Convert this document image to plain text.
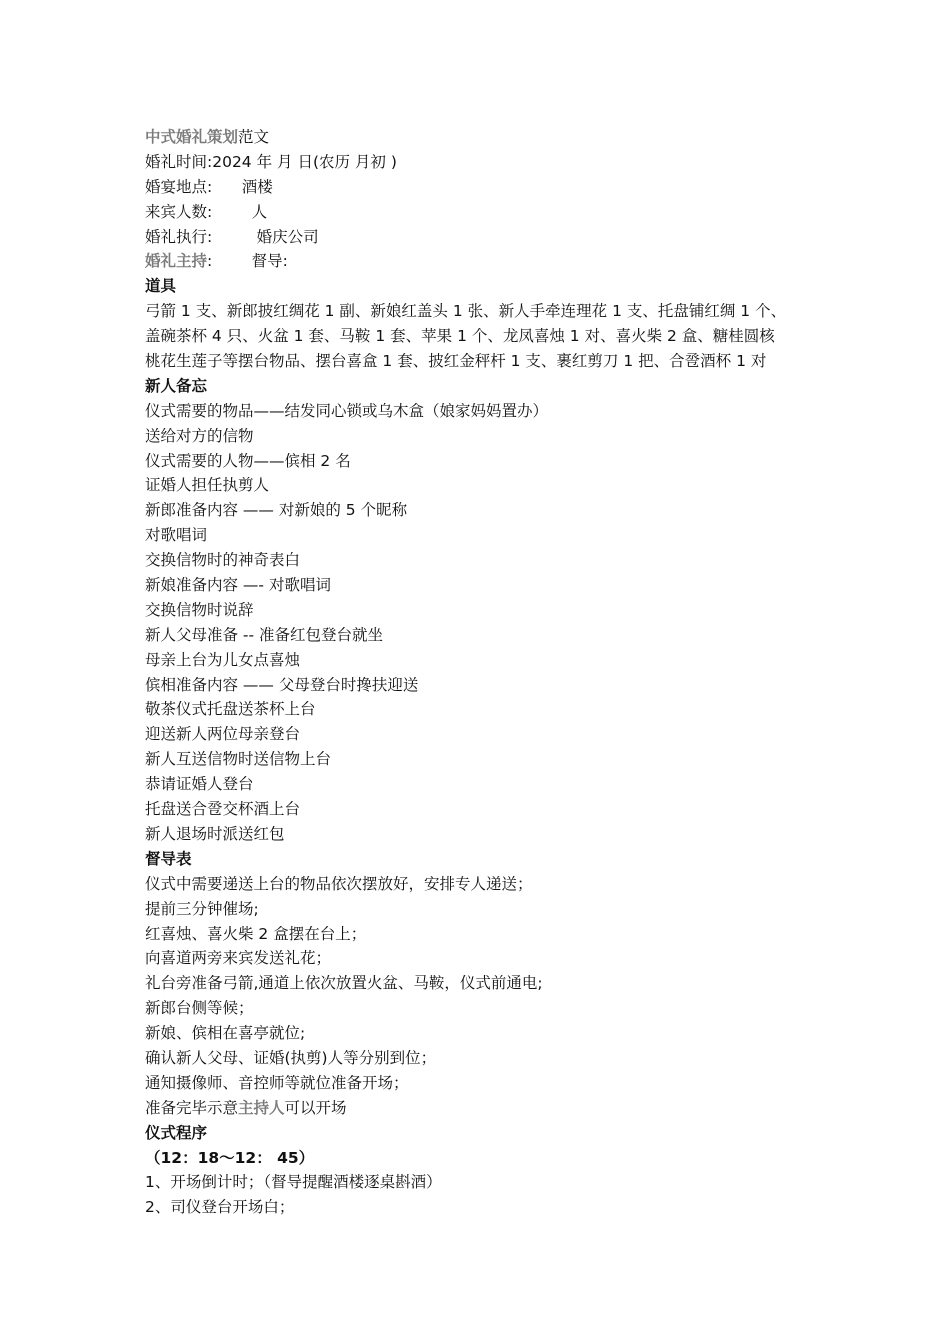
中式婚礼策划范文
婚礼时间:2024 年 月 日(农历 月初 )
婚宴地点:      酒楼
来宾人数:        人
婚礼执行:         婚庆公司
婚礼主持:        督导:
道具
弓箭 1 支、新郎披红绸花 1 副、新娘红盖头 1 张、新人手牵连理花 1 支、托盘铺红绸 1 个、
盖碗茶杯 4 只、火盆 1 套、马鞍 1 套、苹果 1 个、龙凤喜烛 1 对、喜火柴 2 盒、糖桂圆核
桃花生莲子等摆台物品、摆台喜盒 1 套、披红金秤杆 1 支、裹红剪刀 1 把、合卺酒杯 1 对
新人备忘
仪式需要的物品——结发同心锁或乌木盒（娘家妈妈置办）
送给对方的信物
仪式需要的人物——傧相 2 名
证婚人担任执剪人
新郎准备内容 —— 对新娘的 5 个昵称
对歌唱词
交换信物时的神奇表白
新娘准备内容 —- 对歌唱词
交换信物时说辞
新人父母准备 -- 准备红包登台就坐
母亲上台为儿女点喜烛
傧相准备内容 —— 父母登台时搀扶迎送
敬茶仪式托盘送茶杯上台
迎送新人两位母亲登台
新人互送信物时送信物上台
恭请证婚人登台
托盘送合卺交杯酒上台
新人退场时派送红包
督导表
仪式中需要递送上台的物品依次摆放好，安排专人递送；
提前三分钟催场;
红喜烛、喜火柴 2 盒摆在台上；
向喜道两旁来宾发送礼花；
礼台旁准备弓箭,通道上依次放置火盆、马鞍，仪式前通电;
新郎台侧等候；
新娘、傧相在喜亭就位;
确认新人父母、证婚(执剪)人等分别到位；
通知摄像师、音控师等就位准备开场；
准备完毕示意主持人可以开场
仪式程序
（12：18～12： 45）
1、开场倒计时；（督导提醒酒楼逐桌斟酒）
2、司仪登台开场白；
